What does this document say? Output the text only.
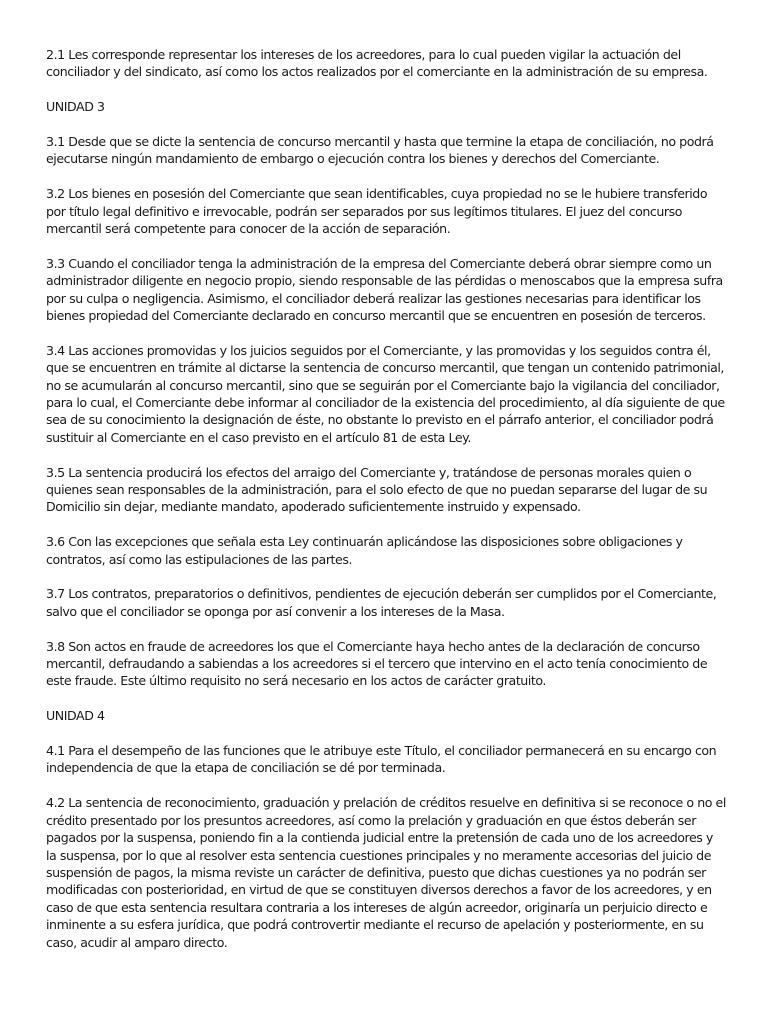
2.1 Les corresponde representar los intereses de los acreedores, para lo cual pueden vigilar la actuación del conciliador y del sindicato, así como los actos realizados por el comerciante en la administración de su empresa.

UNIDAD 3

3.1 Desde que se dicte la sentencia de concurso mercantil y hasta que termine la etapa de conciliación, no podrá ejecutarse ningún mandamiento de embargo o ejecución contra los bienes y derechos del Comerciante.

3.2 Los bienes en posesión del Comerciante que sean identificables, cuya propiedad no se le hubiere transferido por título legal definitivo e irrevocable, podrán ser separados por sus legítimos titulares. El juez del concurso mercantil será competente para conocer de la acción de separación.

3.3 Cuando el conciliador tenga la administración de la empresa del Comerciante deberá obrar siempre como un administrador diligente en negocio propio, siendo responsable de las pérdidas o menoscabos que la empresa sufra por su culpa o negligencia. Asimismo, el conciliador deberá realizar las gestiones necesarias para identificar los bienes propiedad del Comerciante declarado en concurso mercantil que se encuentren en posesión de terceros.

3.4 Las acciones promovidas y los juicios seguidos por el Comerciante, y las promovidas y los seguidos contra él, que se encuentren en trámite al dictarse la sentencia de concurso mercantil, que tengan un contenido patrimonial, no se acumularán al concurso mercantil, sino que se seguirán por el Comerciante bajo la vigilancia del conciliador, para lo cual, el Comerciante debe informar al conciliador de la existencia del procedimiento, al día siguiente de que sea de su conocimiento la designación de éste, no obstante lo previsto en el párrafo anterior, el conciliador podrá sustituir al Comerciante en el caso previsto en el artículo 81 de esta Ley.

3.5 La sentencia producirá los efectos del arraigo del Comerciante y, tratándose de personas morales quien o quienes sean responsables de la administración, para el solo efecto de que no puedan separarse del lugar de su Domicilio sin dejar, mediante mandato, apoderado suficientemente instruido y expensado.

3.6 Con las excepciones que señala esta Ley continuarán aplicándose las disposiciones sobre obligaciones y contratos, así como las estipulaciones de las partes.

3.7 Los contratos, preparatorios o definitivos, pendientes de ejecución deberán ser cumplidos por el Comerciante, salvo que el conciliador se oponga por así convenir a los intereses de la Masa.

3.8 Son actos en fraude de acreedores los que el Comerciante haya hecho antes de la declaración de concurso mercantil, defraudando a sabiendas a los acreedores si el tercero que intervino en el acto tenía conocimiento de este fraude. Este último requisito no será necesario en los actos de carácter gratuito.

UNIDAD 4

4.1 Para el desempeño de las funciones que le atribuye este Título, el conciliador permanecerá en su encargo con independencia de que la etapa de conciliación se dé por terminada.

4.2 La sentencia de reconocimiento, graduación y prelación de créditos resuelve en definitiva si se reconoce o no el crédito presentado por los presuntos acreedores, así como la prelación y graduación en que éstos deberán ser pagados por la suspensa, poniendo fin a la contienda judicial entre la pretensión de cada uno de los acreedores y la suspensa, por lo que al resolver esta sentencia cuestiones principales y no meramente accesorias del juicio de suspensión de pagos, la misma reviste un carácter de definitiva, puesto que dichas cuestiones ya no podrán ser modificadas con posterioridad, en virtud de que se constituyen diversos derechos a favor de los acreedores, y en caso de que esta sentencia resultara contraria a los intereses de algún acreedor, originaría un perjuicio directo e inminente a su esfera jurídica, que podrá controvertir mediante el recurso de apelación y posteriormente, en su caso, acudir al amparo directo.
